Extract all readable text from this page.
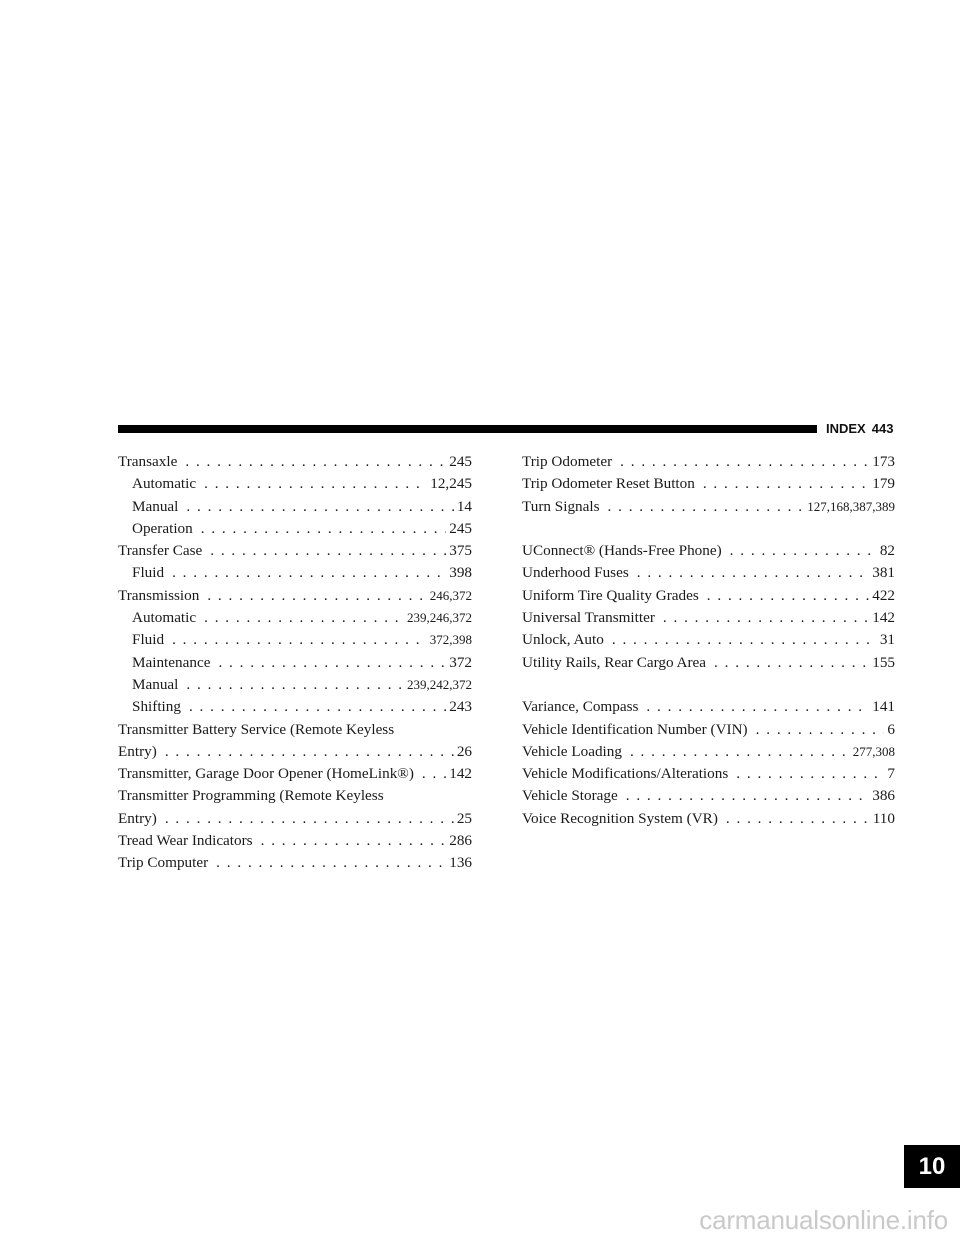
INDEX 443
Transaxle . . .	245
Automatic . . .	12,245
Manual . . .	14
Operation . . .	245
Transfer Case . . .	375
Fluid . . .	398
Transmission . . .	246,372
Automatic . . .	239,246,372
Fluid . . .	372,398
Maintenance . . .	372
Manual . . .	239,242,372
Shifting . . .	243
Transmitter Battery Service (Remote Keyless
Entry) . . .	26
Transmitter, Garage Door Opener (HomeLink®) . . . 142
Transmitter Programming (Remote Keyless
Entry) . . .	25
Tread Wear Indicators . . .	286
Trip Computer . . .	136
Trip Odometer . . .	173
Trip Odometer Reset Button . . .	179
Turn Signals . . .	127,168,387,389
UConnect® (Hands-Free Phone) . . .	82
Underhood Fuses . . .	381
Uniform Tire Quality Grades . . .	422
Universal Transmitter . . .	142
Unlock, Auto . . .	31
Utility Rails, Rear Cargo Area . . .	155
Variance, Compass . . .	141
Vehicle Identification Number (VIN) . . .	6
Vehicle Loading . . .	277,308
Vehicle Modifications/Alterations . . .	7
Vehicle Storage . . .	386
Voice Recognition System (VR) . . .	110
10
carmanualsonline.info
